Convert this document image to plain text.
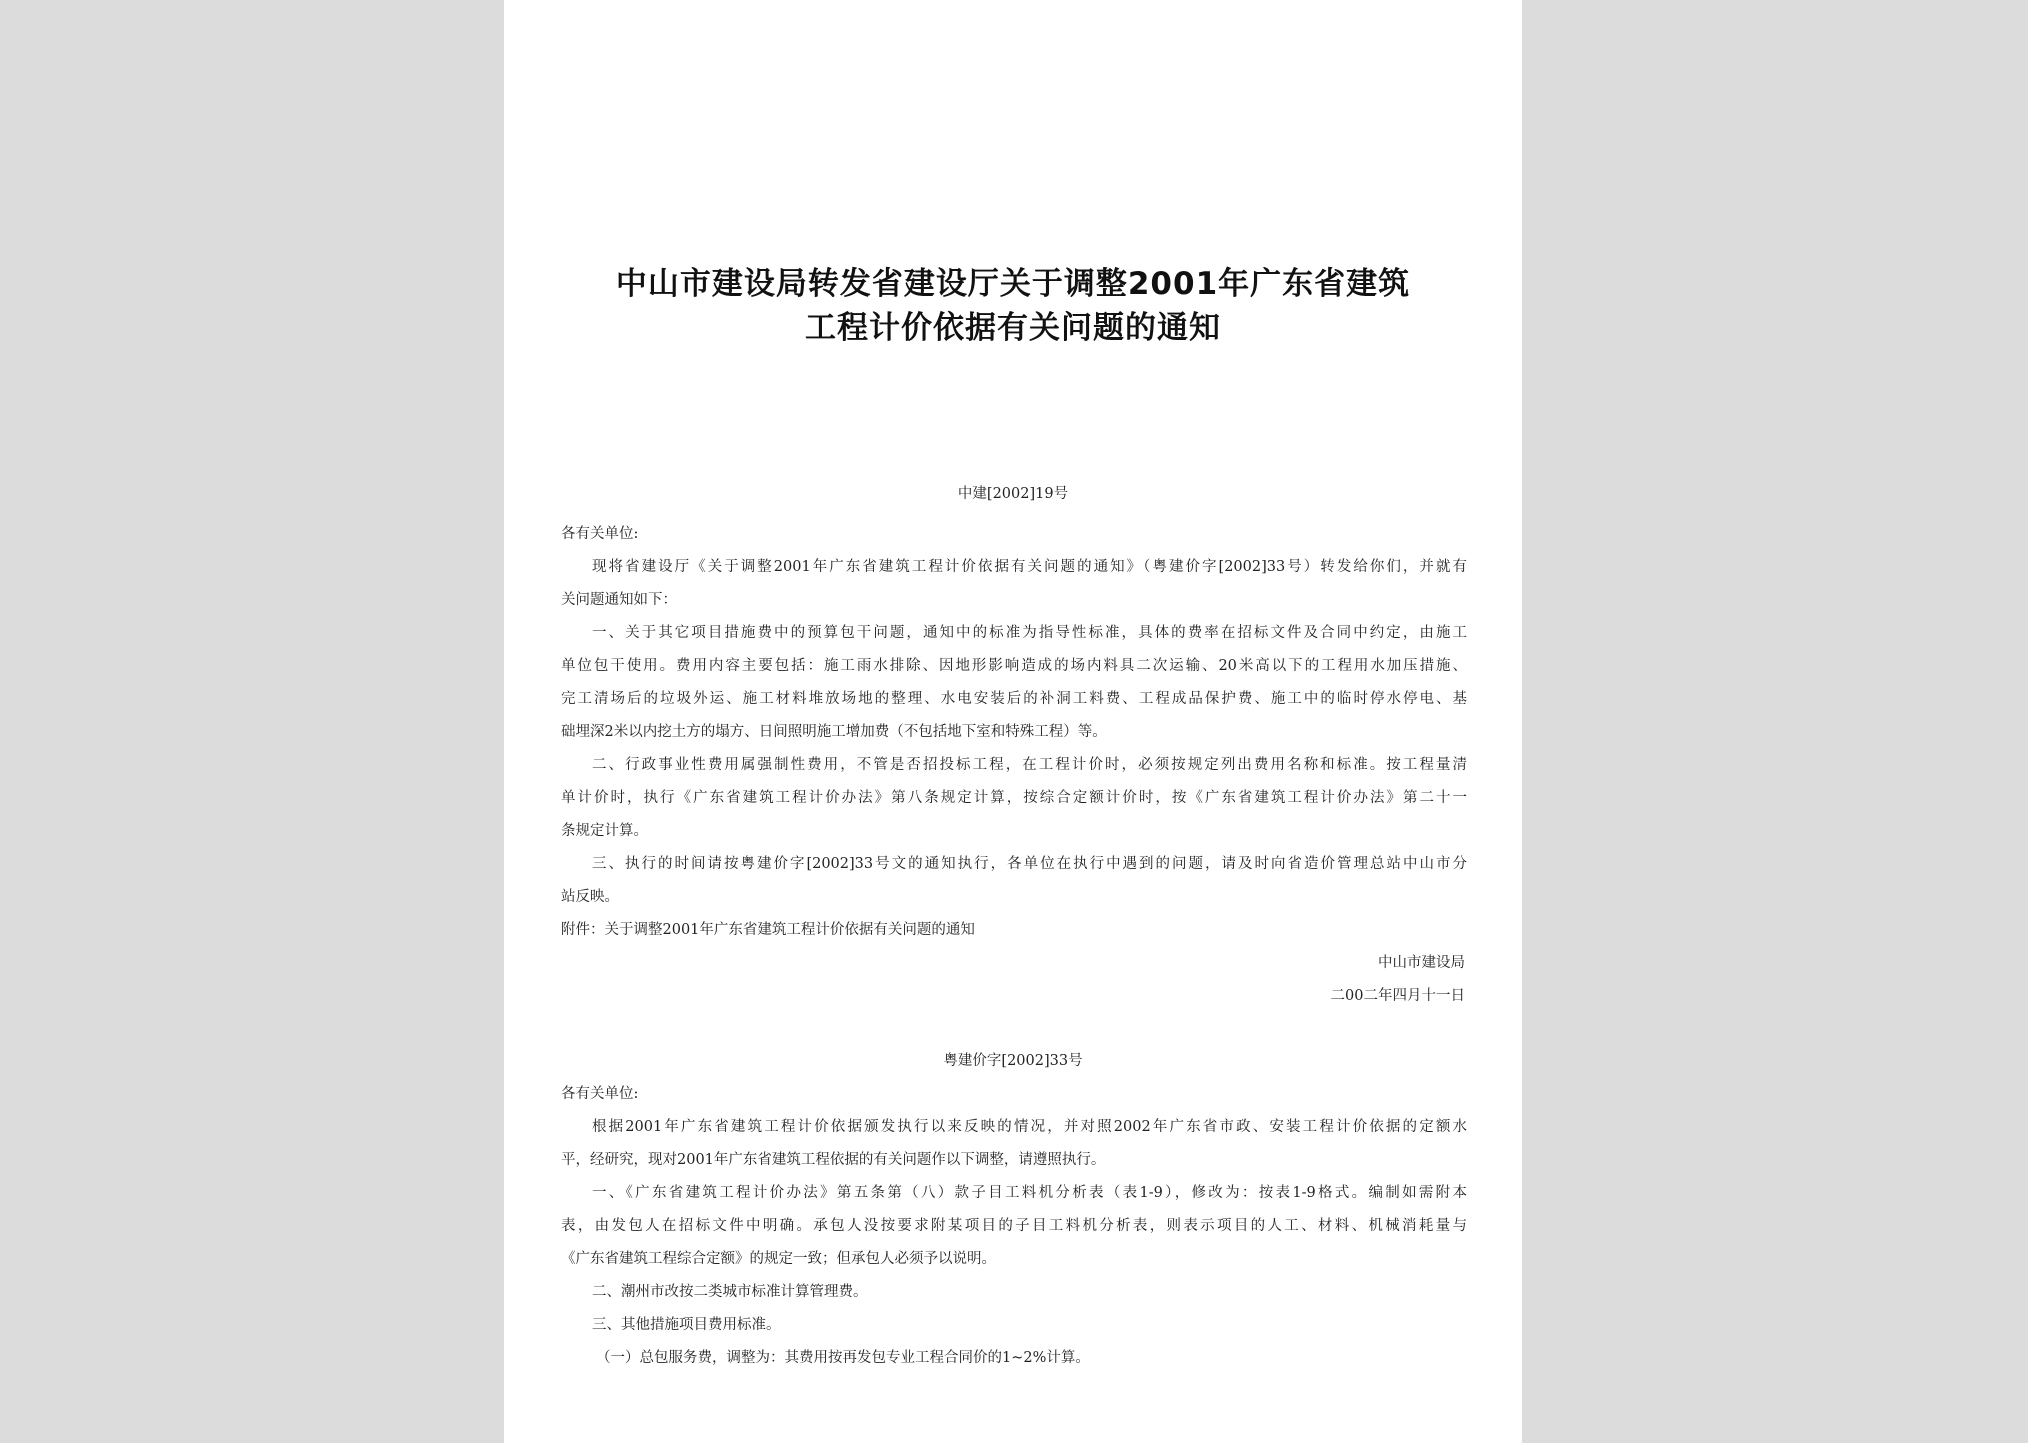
中山市建设局转发省建设厅关于调整2001年广东省建筑
工程计价依据有关问题的通知
中建[2002]19号
各有关单位:
现将省建设厅《关于调整2001年广东省建筑工程计价依据有关问题的通知》（粤建价字[2002]33号）转发给你们，并就有
关问题通知如下：
一、关于其它项目措施费中的预算包干问题，通知中的标准为指导性标准，具体的费率在招标文件及合同中约定，由施工
单位包干使用。费用内容主要包括：施工雨水排除、因地形影响造成的场内料具二次运输、20米高以下的工程用水加压措施、
完工清场后的垃圾外运、施工材料堆放场地的整理、水电安装后的补洞工料费、工程成品保护费、施工中的临时停水停电、基
础埋深2米以内挖土方的塌方、日间照明施工增加费（不包括地下室和特殊工程）等。
二、行政事业性费用属强制性费用，不管是否招投标工程，在工程计价时，必须按规定列出费用名称和标准。按工程量清
单计价时，执行《广东省建筑工程计价办法》第八条规定计算，按综合定额计价时，按《广东省建筑工程计价办法》第二十一
条规定计算。
三、执行的时间请按粤建价字[2002]33号文的通知执行，各单位在执行中遇到的问题，请及时向省造价管理总站中山市分
站反映。
附件：关于调整2001年广东省建筑工程计价依据有关问题的通知
中山市建设局
二00二年四月十一日
粤建价字[2002]33号
各有关单位:
根据2001年广东省建筑工程计价依据颁发执行以来反映的情况，并对照2002年广东省市政、安装工程计价依据的定额水
平，经研究，现对2001年广东省建筑工程依据的有关问题作以下调整，请遵照执行。
一、《广东省建筑工程计价办法》第五条第（八）款子目工料机分析表（表1-9），修改为：按表1-9格式。编制如需附本
表，由发包人在招标文件中明确。承包人没按要求附某项目的子目工料机分析表，则表示项目的人工、材料、机械消耗量与
《广东省建筑工程综合定额》的规定一致；但承包人必须予以说明。
二、潮州市改按二类城市标准计算管理费。
三、其他措施项目费用标准。
（一）总包服务费，调整为：其费用按再发包专业工程合同价的1~2%计算。
